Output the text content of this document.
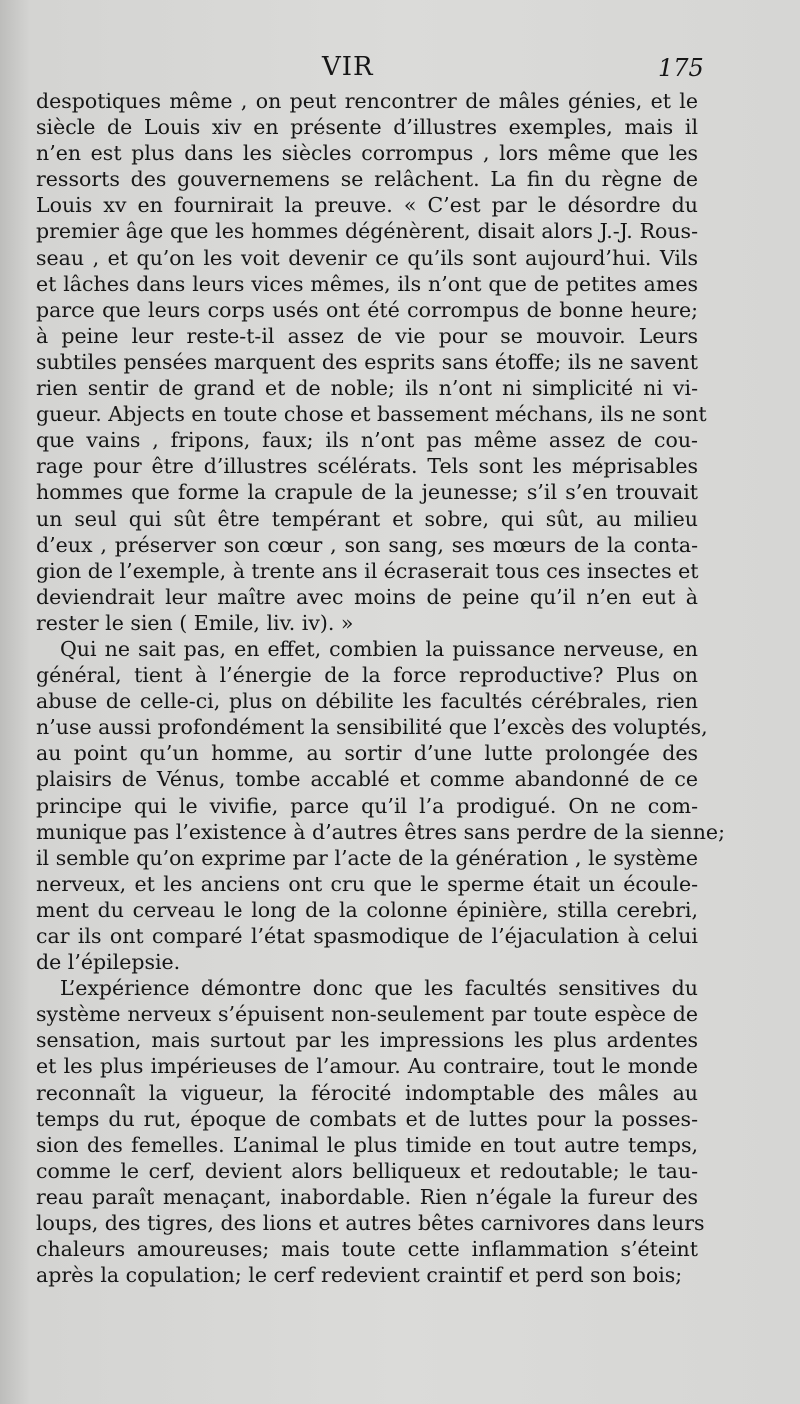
VIR	175
despotiques même , on peut rencontrer de mâles génies, et le
siècle de Louis xiv en présente d’illustres exemples, mais il
n’en est plus dans les siècles corrompus , lors même que les
ressorts des gouvernemens se relâchent. La fin du règne de
Louis xv en fournirait la preuve. « C’est par le désordre du
premier âge que les hommes dégénèrent, disait alors J.-J. Rous-
seau , et qu’on les voit devenir ce qu’ils sont aujourd’hui. Vils
et lâches dans leurs vices mêmes, ils n’ont que de petites ames
parce que leurs corps usés ont été corrompus de bonne heure;
à peine leur reste-t-il assez de vie pour se mouvoir. Leurs
subtiles pensées marquent des esprits sans étoffe; ils ne savent
rien sentir de grand et de noble; ils n’ont ni simplicité ni vi-
gueur. Abjects en toute chose et bassement méchans, ils ne sont
que vains , fripons, faux; ils n’ont pas même assez de cou-
rage pour être d’illustres scélérats. Tels sont les méprisables
hommes que forme la crapule de la jeunesse; s’il s’en trouvait
un seul qui sût être tempérant et sobre, qui sût, au milieu
d’eux , préserver son cœur , son sang, ses mœurs de la conta-
gion de l’exemple, à trente ans il écraserait tous ces insectes et
deviendrait leur maître avec moins de peine qu’il n’en eut à
rester le sien ( Emile, liv. iv). »
Qui ne sait pas, en effet, combien la puissance nerveuse, en
général, tient à l’énergie de la force reproductive? Plus on
abuse de celle-ci, plus on débilite les facultés cérébrales, rien
n’use aussi profondément la sensibilité que l’excès des voluptés,
au point qu’un homme, au sortir d’une lutte prolongée des
plaisirs de Vénus, tombe accablé et comme abandonné de ce
principe qui le vivifie, parce qu’il l’a prodigué. On ne com-
munique pas l’existence à d’autres êtres sans perdre de la sienne;
il semble qu’on exprime par l’acte de la génération , le système
nerveux, et les anciens ont cru que le sperme était un écoule-
ment du cerveau le long de la colonne épinière, stilla cerebri,
car ils ont comparé l’état spasmodique de l’éjaculation à celui
de l’épilepsie.
L’expérience démontre donc que les facultés sensitives du
système nerveux s’épuisent non-seulement par toute espèce de
sensation, mais surtout par les impressions les plus ardentes
et les plus impérieuses de l’amour. Au contraire, tout le monde
reconnaît la vigueur, la férocité indomptable des mâles au
temps du rut, époque de combats et de luttes pour la posses-
sion des femelles. L’animal le plus timide en tout autre temps,
comme le cerf, devient alors belliqueux et redoutable; le tau-
reau paraît menaçant, inabordable. Rien n’égale la fureur des
loups, des tigres, des lions et autres bêtes carnivores dans leurs
chaleurs amoureuses; mais toute cette inflammation s’éteint
après la copulation; le cerf redevient craintif et perd son bois;
